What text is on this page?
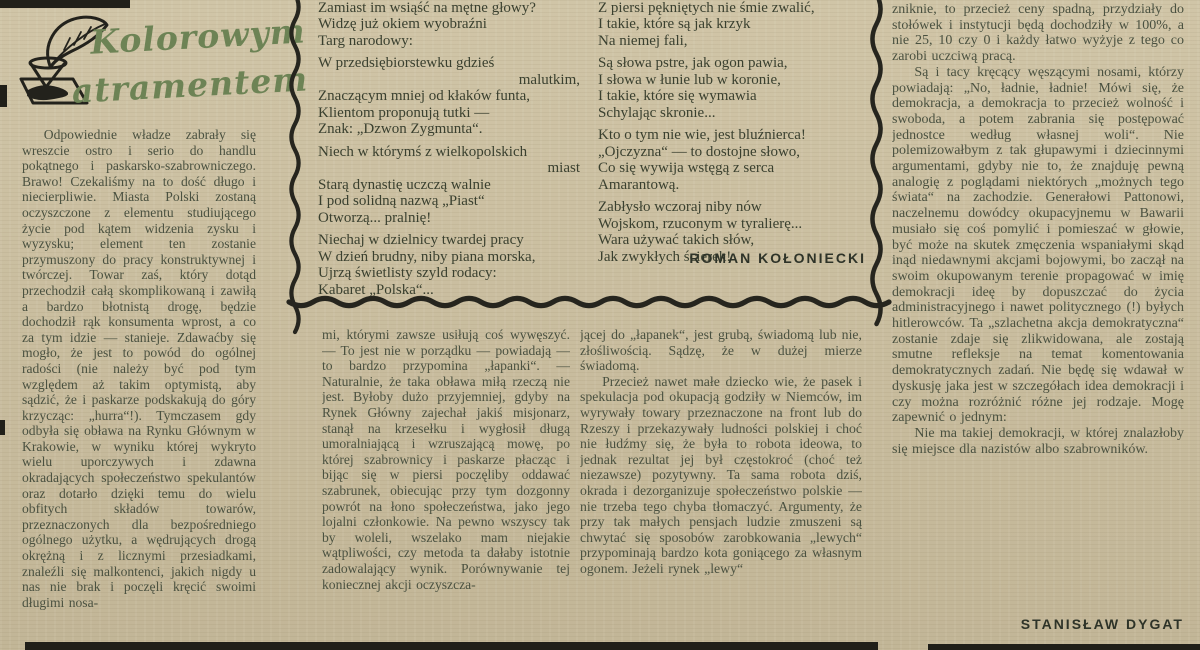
Kolorowym
atramentem
Zamiast im wsiąść na mętne głowy?
Widzę już okiem wyobraźni
Targ narodowy:
W przedsiębiorstewku gdzieś
malutkim,
Znaczącym mniej od kłaków funta,
Klientom proponują tutki —
Znak: „Dzwon Zygmunta“.
Niech w którymś z wielkopolskich
miast
Starą dynastię uczczą walnie
I pod solidną nazwą „Piast“
Otworzą... pralnię!
Niechaj w dzielnicy twardej pracy
W dzień brudny, niby piana morska,
Ujrzą świetlisty szyld rodacy:
Kabaret „Polska“...
Z piersi pękniętych nie śmie zwalić,
I takie, które są jak krzyk
Na niemej fali,
Są słowa pstre, jak ogon pawia,
I słowa w łunie lub w koronie,
I takie, które się wymawia
Schylając skronie...
Kto o tym nie wie, jest bluźnierca!
„Ojczyzna“ — to dostojne słowo,
Co się wywija wstęgą z serca
Amarantową.
Zabłysło wczoraj niby nów
Wojskom, rzuconym w tyralierę...
Wara używać takich słów,
Jak zwykłych ścierek!
ROMAN KOŁONIECKI
Odpowiednie władze zabrały się wreszcie ostro i serio do handlu pokątnego i paskarsko-szabrowniczego. Brawo! Czekaliśmy na to dość długo i niecierpliwie. Miasta Polski zostaną oczyszczone z elementu studiującego życie pod kątem widzenia zysku i wyzysku; element ten zostanie przymuszony do pracy konstruktywnej i twórczej. Towar zaś, który dotąd przechodził całą skomplikowaną i zawiłą a bardzo błotnistą drogę, będzie dochodził rąk konsumenta wprost, a co za tym idzie — stanieje. Zdawaćby się mogło, że jest to powód do ogólnej radości (nie należy być pod tym względem aż takim optymistą, aby sądzić, że i paskarze podskakują do góry krzycząc: „hurra“!). Tymczasem gdy odbyła się obława na Rynku Głównym w Krakowie, w wyniku której wykryto wielu uporczywych i zdawna okradających społeczeństwo spekulantów oraz dotarło dzięki temu do wielu obfitych składów towarów, przeznaczonych dla bezpośredniego ogólnego użytku, a wędrujących drogą okrężną i z licznymi przesiadkami, znaleźli się malkontenci, jakich nigdy u nas nie brak i poczęli kręcić swoimi długimi nosa-
mi, którymi zawsze usiłują coś wywęszyć. — To jest nie w porządku — powiadają — to bardzo przypomina „łapanki“. — Naturalnie, że taka obława miłą rzeczą nie jest. Byłoby dużo przyjemniej, gdyby na Rynek Główny zajechał jakiś misjonarz, stanął na krzesełku i wygłosił długą umoralniającą i wzruszającą mowę, po której szabrownicy i paskarze płacząc i bijąc się w piersi poczęliby oddawać szabrunek, obiecując przy tym dozgonny powrót na łono społeczeństwa, jako jego lojalni członkowie. Na pewno wszyscy tak by woleli, wszelako mam niejakie wątpliwości, czy metoda ta dałaby istotnie zadowalający wynik. Porównywanie tej koniecznej akcji oczyszcza-
jącej do „łapanek“, jest grubą, świadomą lub nie, złośliwością. Sądzę, że w dużej mierze świadomą.
Przecież nawet małe dziecko wie, że pasek i spekulacja pod okupacją godziły w Niemców, im wyrywały towary przeznaczone na front lub do Rzeszy i przekazywały ludności polskiej i choć nie łudźmy się, że była to robota ideowa, to jednak rezultat jej był częstokroć (choć też niezawsze) pozytywny. Ta sama robota dziś, okrada i dezorganizuje społeczeństwo polskie — nie trzeba tego chyba tłomaczyć. Argumenty, że przy tak małych pensjach ludzie zmuszeni są chwytać się sposobów zarobkowania „lewych“ przypominają bardzo kota goniącego za własnym ogonem. Jeżeli rynek „lewy“
zniknie, to przecież ceny spadną, przydziały do stołówek i instytucji będą dochodziły w 100%, a nie 25, 10 czy 0 i każdy łatwo wyżyje z tego co zarobi uczciwą pracą.
Są i tacy kręcący węszącymi nosami, którzy powiadają: „No, ładnie, ładnie! Mówi się, że demokracja, a demokracja to przecież wolność i swoboda, a potem zabrania się postępować jednostce według własnej woli“. Nie polemizowałbym z tak głupawymi i dziecinnymi argumentami, gdyby nie to, że znajduję pewną analogię z poglądami niektórych „możnych tego świata“ na zachodzie. Generałowi Pattonowi, naczelnemu dowódcy okupacyjnemu w Bawarii musiało się coś pomylić i pomieszać w głowie, być może na skutek zmęczenia wspaniałymi skąd inąd niedawnymi akcjami bojowymi, bo zaczął na swoim okupowanym terenie propagować w imię demokracji ideę by dopuszczać do życia administracyjnego i nawet politycznego (!) byłych hitlerowców. Ta „szlachetna akcja demokratyczna“ zostanie zdaje się zlikwidowana, ale zostają smutne refleksje na temat komentowania demokratycznych zadań. Nie będę się wdawał w dyskusję jaka jest w szczegółach idea demokracji i czy można rozróżnić różne jej rodzaje. Mogę zapewnić o jednym:
Nie ma takiej demokracji, w której znalazłoby się miejsce dla nazistów albo szabrowników.
STANISŁAW DYGAT
